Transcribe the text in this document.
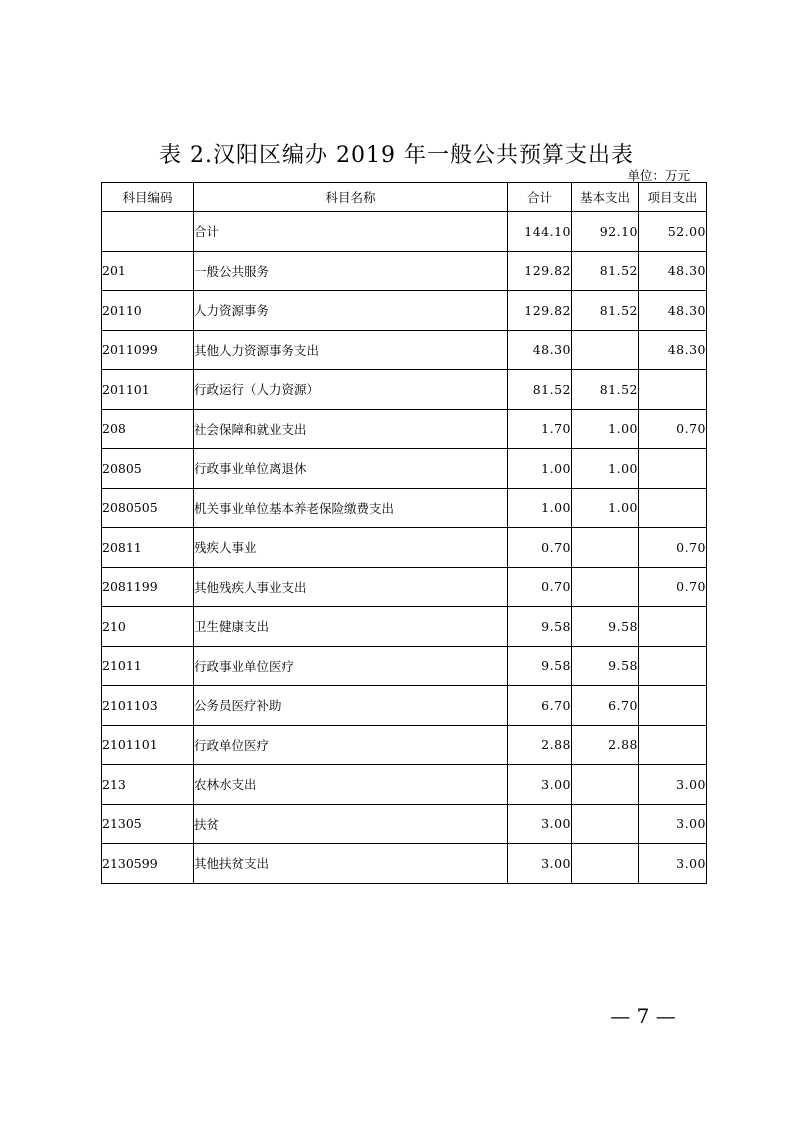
表 2.汉阳区编办 2019 年一般公共预算支出表
单位：万元
科目编码	科目名称	合计	基本支出	项目支出
	合计	144.10	92.10	52.00
201	一般公共服务	129.82	81.52	48.30
20110	人力资源事务	129.82	81.52	48.30
2011099	其他人力资源事务支出	48.30		48.30
201101	行政运行（人力资源）	81.52	81.52	
208	社会保障和就业支出	1.70	1.00	0.70
20805	行政事业单位离退休	1.00	1.00	
2080505	机关事业单位基本养老保险缴费支出	1.00	1.00	
20811	残疾人事业	0.70		0.70
2081199	其他残疾人事业支出	0.70		0.70
210	卫生健康支出	9.58	9.58	
21011	行政事业单位医疗	9.58	9.58	
2101103	公务员医疗补助	6.70	6.70	
2101101	行政单位医疗	2.88	2.88	
213	农林水支出	3.00		3.00
21305	扶贫	3.00		3.00
2130599	其他扶贫支出	3.00		3.00
— 7 —
